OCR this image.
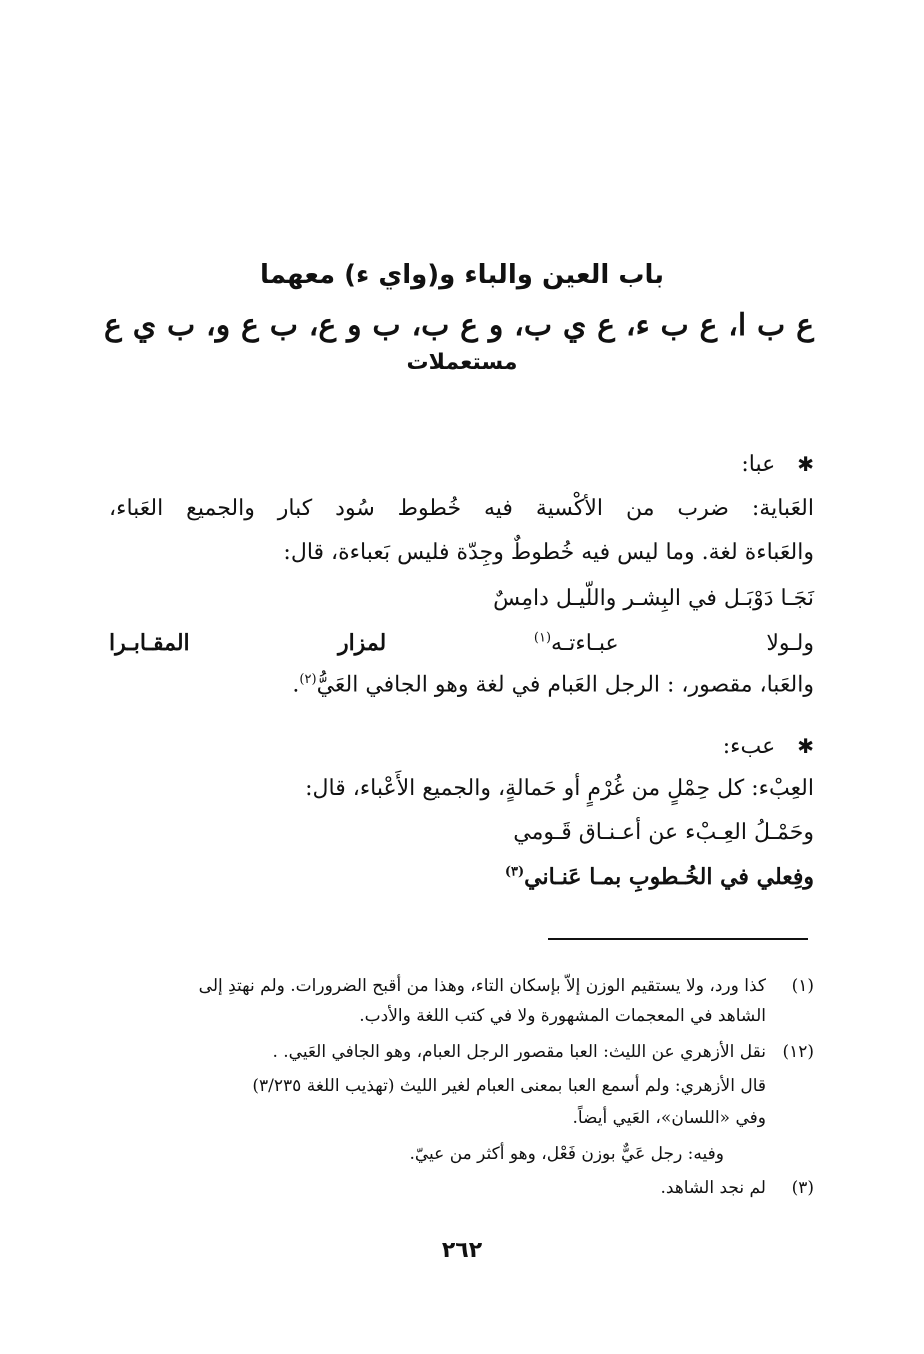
باب العين والباء و(واي ء) معهما
ع ب ا، ع ب ء، ع ي ب، و ع ب، ب و ع، ب ع و، ب ي ع
مستعملات
✱عبا:
العَباية: ضرب من الأكْسية فيه خُطوط سُود كبار والجميع العَباء،
والعَباءة لغة. وما ليس فيه خُطوطٌ وجِدّة فليس بَعباءة، قال:
نَجَـا دَوْبَـل في البِشـر واللّيـل دامِسٌ
ولـولا عبـاءتـه$^{(١)}$ لمزار المقـابـرا
والعَبا، مقصور، : الرجل العَبام في لغة وهو الجافي العَيُّ$^{(٢)}$.
✱عبء:
العِبْء: كل حِمْلٍ من غُرْمٍ أو حَمالةٍ، والجميع الأَعْباء، قال:
وحَمْـلُ العِـبْء عن أعـنـاق قَـومي
وفِعلي في الخُـطوبِ بمـا عَنـاني$^{(٣)}$
(١)
كذا ورد، ولا يستقيم الوزن إلاّ بإسكان التاء، وهذا من أقبح الضرورات. ولم نهتدِ إلى
الشاهد في المعجمات المشهورة ولا في كتب اللغة والأدب.
(١٢)
نقل الأزهري عن الليث: العبا مقصور الرجل العبام، وهو الجافي العَيي. .
قال الأزهري: ولم أسمع العبا بمعنى العبام لغير الليث (تهذيب اللغة ٣/٢٣٥)
وفي «اللسان»، العَيي أيضاً.
وفيه: رجل عَيٌّ بوزن فَعْل، وهو أكثر من عييّ.
(٣)
لم نجد الشاهد.
٢٦٢
